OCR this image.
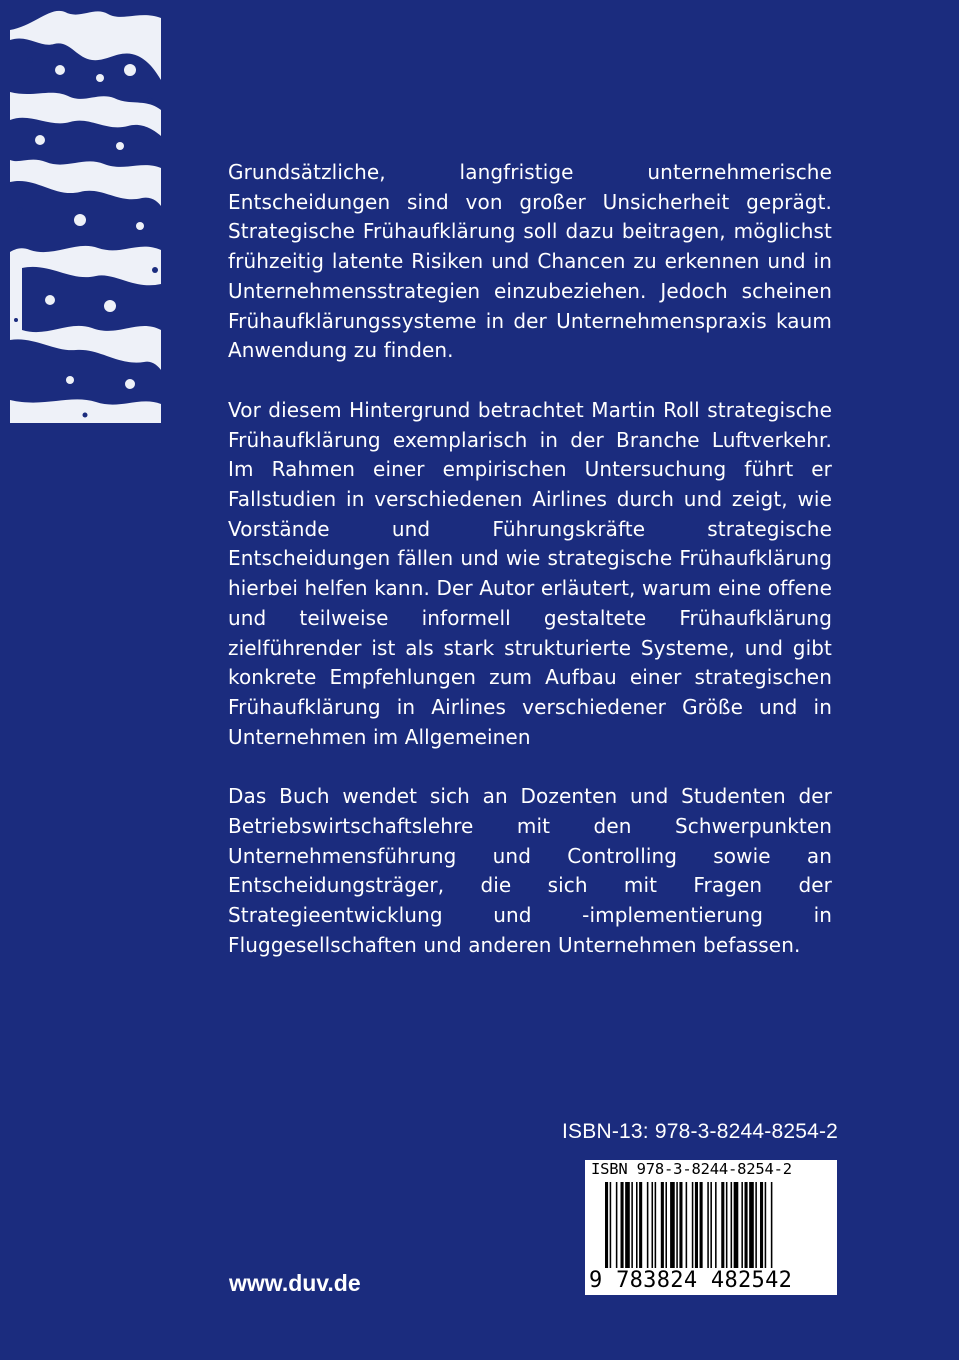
Grundsätzliche, langfristige unternehmerische Entscheidungen sind von großer Unsicherheit geprägt. Strategische Frühaufklärung soll dazu beitragen, möglichst frühzeitig latente Risiken und Chancen zu erkennen und in Unternehmensstrategien einzubeziehen. Jedoch scheinen Frühaufklärungssysteme in der Unternehmenspraxis kaum Anwendung zu finden.

Vor diesem Hintergrund betrachtet Martin Roll strategische Frühaufklärung exemplarisch in der Branche Luftverkehr. Im Rahmen einer empirischen Untersuchung führt er Fallstudien in verschiedenen Airlines durch und zeigt, wie Vorstände und Führungskräfte strategische Entscheidungen fällen und wie strategische Frühaufklärung hierbei helfen kann. Der Autor erläutert, warum eine offene und teilweise informell gestaltete Frühaufklärung zielführender ist als stark strukturierte Systeme, und gibt konkrete Empfehlungen zum Aufbau einer strategischen Frühaufklärung in Airlines verschiedener Größe und in Unternehmen im Allgemeinen

Das Buch wendet sich an Dozenten und Studenten der Betriebswirtschaftslehre mit den Schwerpunkten Unternehmensführung und Controlling sowie an Entscheidungsträger, die sich mit Fragen der Strategieentwicklung und -implementierung in Fluggesellschaften und anderen Unternehmen befassen.

ISBN-13: 978-3-8244-8254-2
ISBN 978-3-8244-8254-2
9 783824 482542
www.duv.de
